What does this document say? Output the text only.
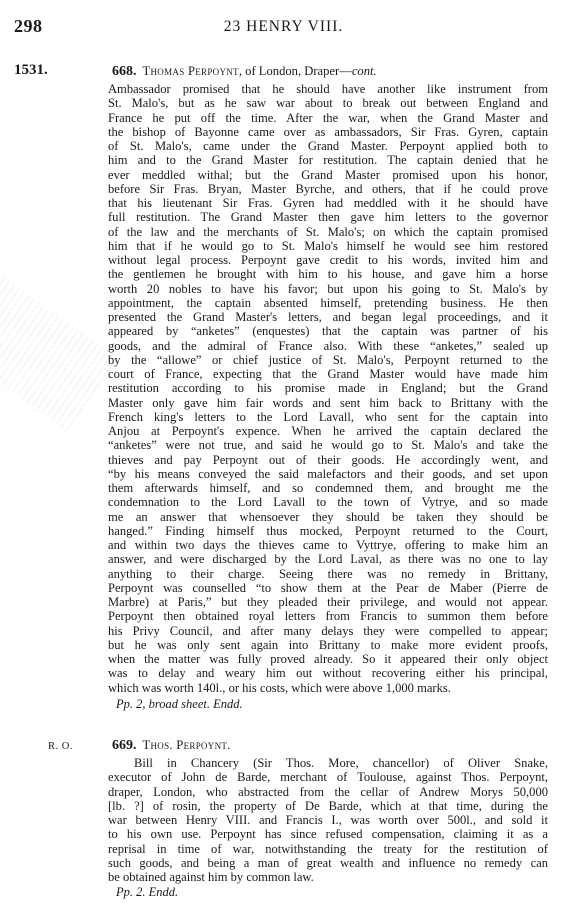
298	23 HENRY VIII.
1531.	668. Thomas Perpoynt, of London, Draper—cont.
Ambassador promised that he should have another like instrument from
St. Malo's, but as he saw war about to break out between England and
France he put off the time. After the war, when the Grand Master and
the bishop of Bayonne came over as ambassadors, Sir Fras. Gyren, captain
of St. Malo's, came under the Grand Master. Perpoynt applied both to
him and to the Grand Master for restitution. The captain denied that he
ever meddled withal; but the Grand Master promised upon his honor,
before Sir Fras. Bryan, Master Byrche, and others, that if he could prove
that his lieutenant Sir Fras. Gyren had meddled with it he should have
full restitution. The Grand Master then gave him letters to the governor
of the law and the merchants of St. Malo's; on which the captain promised
him that if he would go to St. Malo's himself he would see him restored
without legal process. Perpoynt gave credit to his words, invited him and
the gentlemen he brought with him to his house, and gave him a horse
worth 20 nobles to have his favor; but upon his going to St. Malo's by
appointment, the captain absented himself, pretending business. He then
presented the Grand Master's letters, and began legal proceedings, and it
appeared by “anketes” (enquestes) that the captain was partner of his
goods, and the admiral of France also. With these “anketes,” sealed up
by the “allowe” or chief justice of St. Malo's, Perpoynt returned to the
court of France, expecting that the Grand Master would have made him
restitution according to his promise made in England; but the Grand
Master only gave him fair words and sent him back to Brittany with the
French king's letters to the Lord Lavall, who sent for the captain into
Anjou at Perpoynt's expence. When he arrived the captain declared the
“anketes” were not true, and said he would go to St. Malo's and take the
thieves and pay Perpoynt out of their goods. He accordingly went, and
“by his means conveyed the said malefactors and their goods, and set upon
them afterwards himself, and so condemned them, and brought me the
condemnation to the Lord Lavall to the town of Vytrye, and so made
me an answer that whensoever they should be taken they should be
hanged.” Finding himself thus mocked, Perpoynt returned to the Court,
and within two days the thieves came to Vyttrye, offering to make him an
answer, and were discharged by the Lord Laval, as there was no one to lay
anything to their charge. Seeing there was no remedy in Brittany,
Perpoynt was counselled “to show them at the Pear de Maber (Pierre de
Marbre) at Paris,” but they pleaded their privilege, and would not appear.
Perpoynt then obtained royal letters from Francis to summon them before
his Privy Council, and after many delays they were compelled to appear;
but he was only sent again into Brittany to make more evident proofs,
when the matter was fully proved already. So it appeared their only object
was to delay and weary him out without recovering either his principal,
which was worth 140l., or his costs, which were above 1,000 marks.
Pp. 2, broad sheet. Endd.
R. O.	669. Thos. Perpoynt.
Bill in Chancery (Sir Thos. More, chancellor) of Oliver Snake,
executor of John de Barde, merchant of Toulouse, against Thos. Perpoynt,
draper, London, who abstracted from the cellar of Andrew Morys 50,000
[lb. ?] of rosin, the property of De Barde, which at that time, during the
war between Henry VIII. and Francis I., was worth over 500l., and sold it
to his own use. Perpoynt has since refused compensation, claiming it as a
reprisal in time of war, notwithstanding the treaty for the restitution of
such goods, and being a man of great wealth and influence no remedy can
be obtained against him by common law.
Pp. 2. Endd.
